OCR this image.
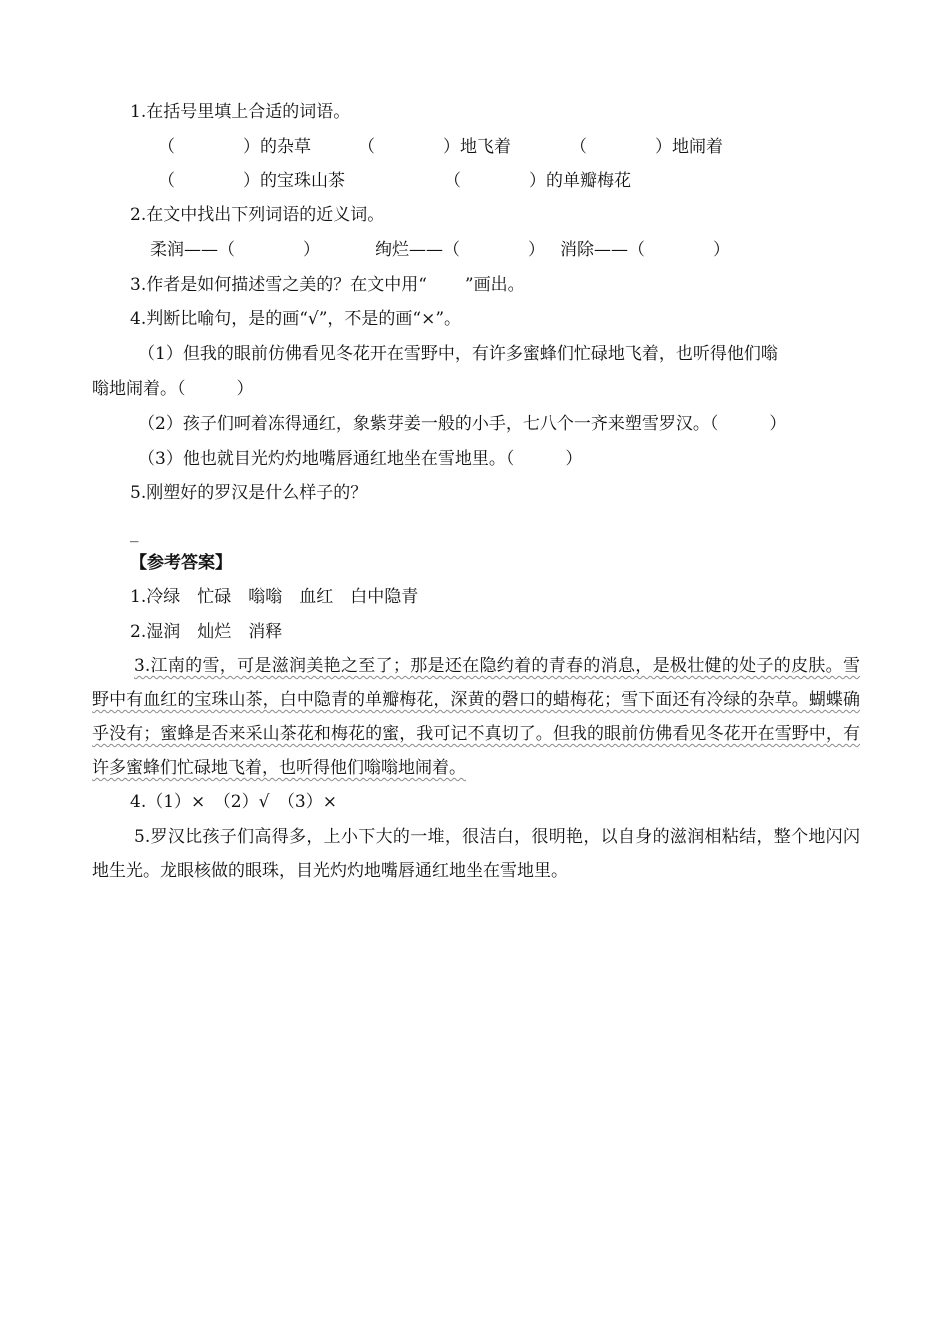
1.在括号里填上合适的词语。
（　　　　）的杂草	（　　　　）地飞着	（　　　　）地闹着
（　　　　）的宝珠山茶	（　　　　）的单瓣梅花
2.在文中找出下列词语的近义词。
柔润——（　　　　）	绚烂——（　　　　） 消除——（　　　　）
3.作者是如何描述雪之美的？在文中用“ ”画出。
4.判断比喻句，是的画“√”，不是的画“×”。
（1）但我的眼前仿佛看见冬花开在雪野中，有许多蜜蜂们忙碌地飞着，也听得他们嗡
嗡地闹着。（　　　）
（2）孩子们呵着冻得通红，象紫芽姜一般的小手，七八个一齐来塑雪罗汉。（　　　）
（3）他也就目光灼灼地嘴唇通红地坐在雪地里。（　　　）
5.刚塑好的罗汉是什么样子的？
_
【参考答案】
1.冷绿　忙碌　嗡嗡　血红　白中隐青
2.湿润　灿烂　消释

3.江南的雪，可是滋润美艳之至了；那是还在隐约着的青春的消息，是极壮健的处子的皮肤。雪野中有血红的宝珠山茶，白中隐青的单瓣梅花，深黄的磬口的蜡梅花；雪下面还有冷绿的杂草。蝴蝶确乎没有；蜜蜂是否来采山茶花和梅花的蜜，我可记不真切了。但我的眼前仿佛看见冬花开在雪野中，有许多蜜蜂们忙碌地飞着，也听得他们嗡嗡地闹着。

4.（1）×　（2）√　（3）×

5.罗汉比孩子们高得多，上小下大的一堆，很洁白，很明艳，以自身的滋润相粘结，整个地闪闪地生光。龙眼核做的眼珠，目光灼灼地嘴唇通红地坐在雪地里。
